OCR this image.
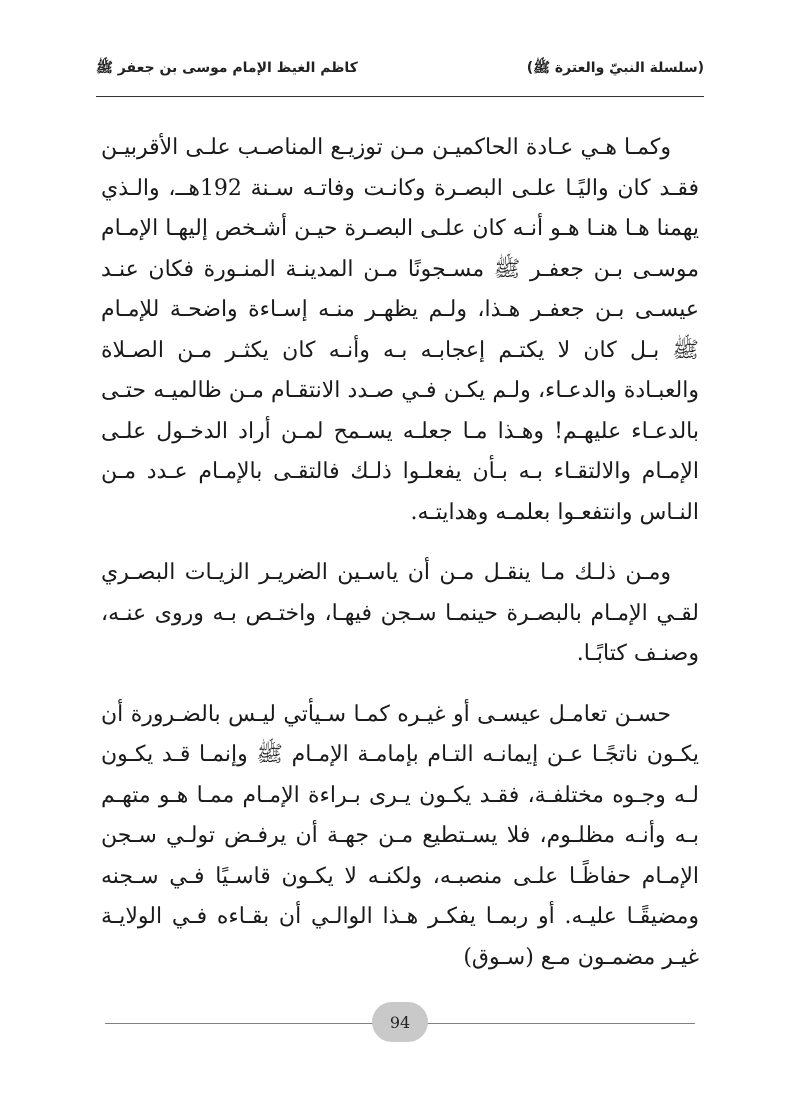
(سلسلة النبيّ والعترة ﷺ)
كاظم الغيظ الإمام موسى بن جعفر ﷺ

وكمـا هـي عـادة الحاكميـن مـن توزيـع المناصـب علـى الأقربيـن فقـد كان واليًـا علـى البصـرة وكانـت وفاتـه سـنة 192هــ، والـذي يهمنا هـا هنـا هـو أنـه كان علـى البصـرة حيـن أشـخص إليهـا الإمـام موسـى بـن جعفـر ﷺ مسـجونًا مـن المدينـة المنـورة فكان عنـد عيسـى بـن جعفـر هـذا، ولـم يظهـر منـه إسـاءة واضحـة للإمـام ﷺ بـل كان لا يكتـم إعجابـه بـه وأنـه كان يكثـر مـن الصـلاة والعبـادة والدعـاء، ولـم يكـن فـي صـدد الانتقـام مـن ظالميـه حتـى بالدعـاء عليهـم! وهـذا مـا جعلـه يسـمح لمـن أراد الدخـول علـى الإمـام والالتقـاء بـه بـأن يفعلـوا ذلـك فالتقـى بالإمـام عـدد مـن النـاس وانتفعـوا بعلمـه وهدايتـه.

ومـن ذلـك مـا ينقـل مـن أن ياسـين الضريـر الزيـات البصـري لقـي الإمـام بالبصـرة حينمـا سـجن فيهـا، واختـص بـه وروى عنـه، وصنـف كتابًـا.

حسـن تعامـل عيسـى أو غيـره كمـا سـيأتي ليـس بالضـرورة أن يكـون ناتجًـا عـن إيمانـه التـام بإمامـة الإمـام ﷺ وإنمـا قـد يكـون لـه وجـوه مختلفـة، فقـد يكـون يـرى بـراءة الإمـام ممـا هـو متهـم بـه وأنـه مظلـوم، فلا يسـتطيع مـن جهـة أن يرفـض تولـي سـجن الإمـام حفاظًـا علـى منصبـه، ولكنـه لا يكـون قاسـيًا فـي سـجنه ومضيقًـا عليـه. أو ربمـا يفكـر هـذا الوالـي أن بقـاءه فـي الولايـة غيـر مضمـون مـع (سـوق)

94
